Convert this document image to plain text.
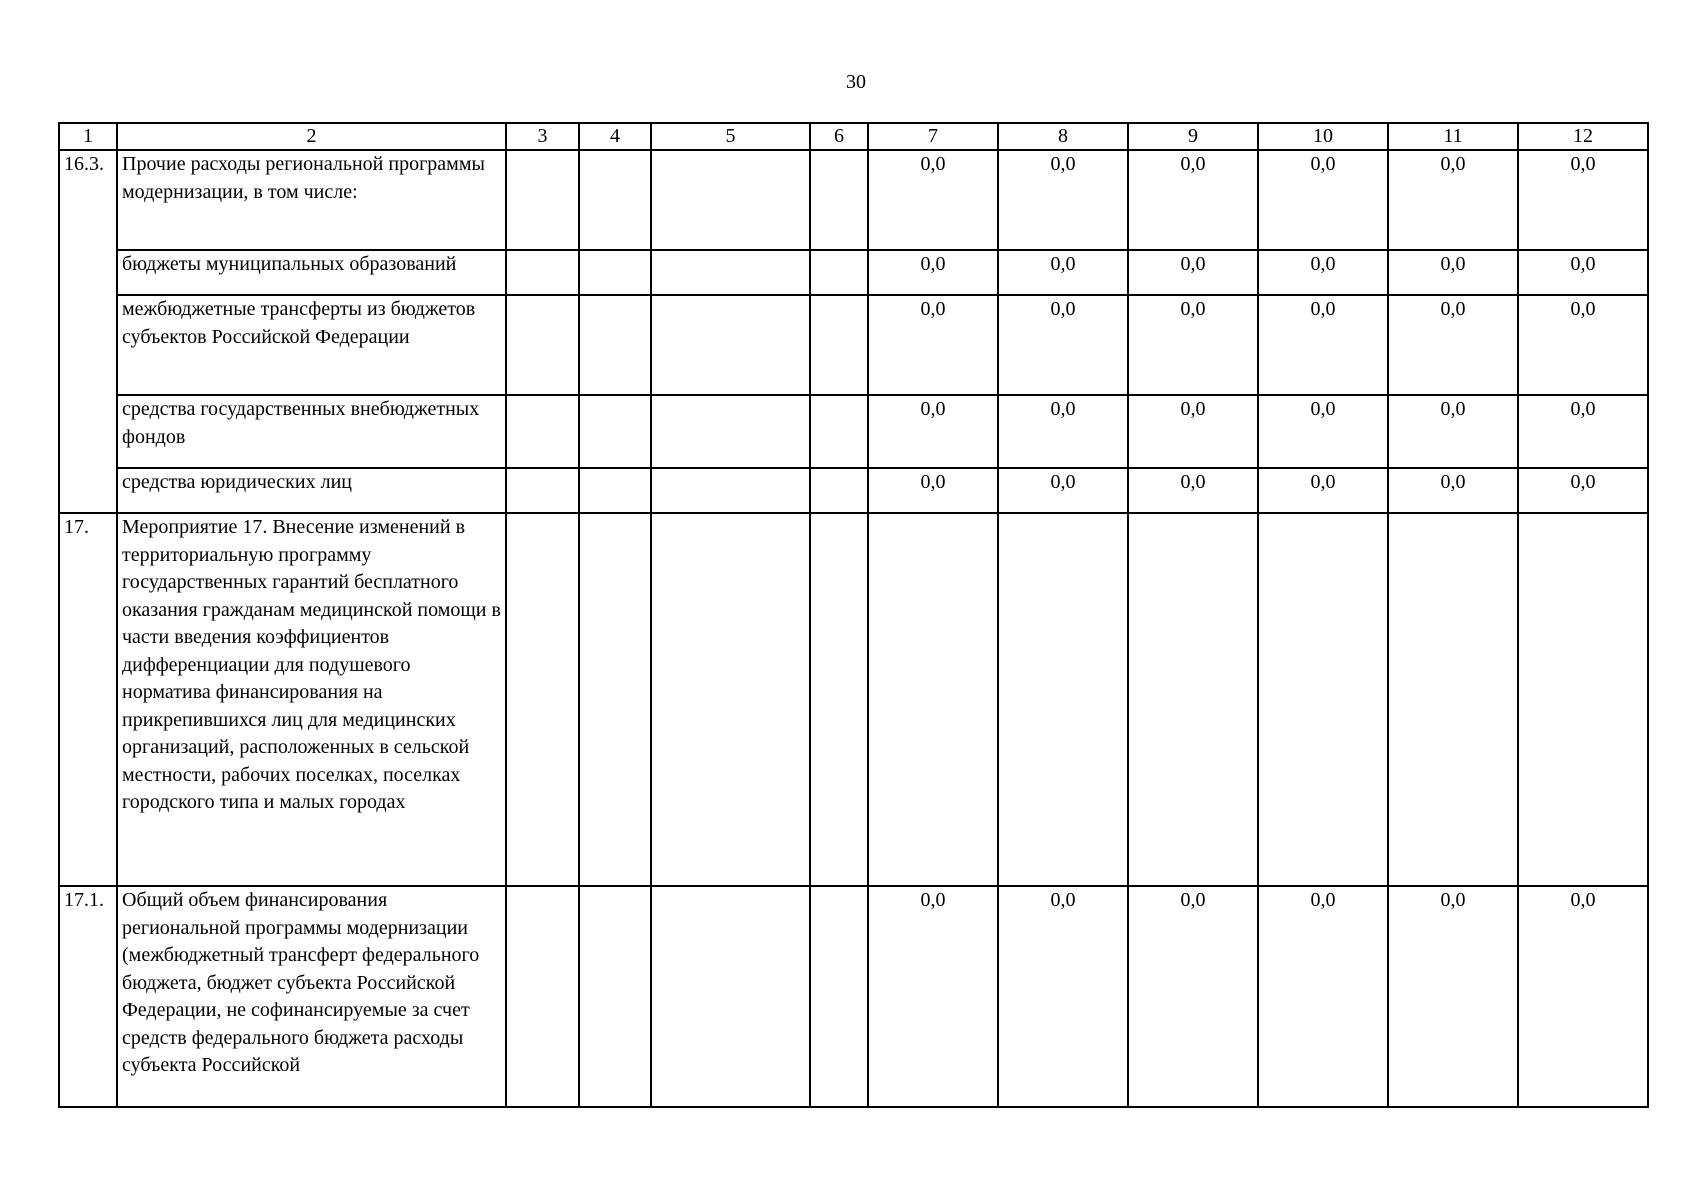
30
1	2	3	4	5	6	7	8	9	10	11	12
16.3.	Прочие расходы региональной программы модернизации, в том числе:					0,0	0,0	0,0	0,0	0,0	0,0
	бюджеты муниципальных образований					0,0	0,0	0,0	0,0	0,0	0,0
	межбюджетные трансферты из бюджетов субъектов Российской Федерации					0,0	0,0	0,0	0,0	0,0	0,0
	средства государственных внебюджетных фондов					0,0	0,0	0,0	0,0	0,0	0,0
	средства юридических лиц					0,0	0,0	0,0	0,0	0,0	0,0
17.	Мероприятие 17. Внесение изменений в территориальную программу государственных гарантий бесплатного оказания гражданам медицинской помощи в части введения коэффициентов дифференциации для подушевого норматива финансирования на прикрепившихся лиц для медицинских организаций, расположенных в сельской местности, рабочих поселках, поселках городского типа и малых городах										
17.1.	Общий объем финансирования региональной программы модернизации (межбюджетный трансферт федерального бюджета, бюджет субъекта Российской Федерации, не софинансируемые за счет средств федерального бюджета расходы субъекта Российской					0,0	0,0	0,0	0,0	0,0	0,0
